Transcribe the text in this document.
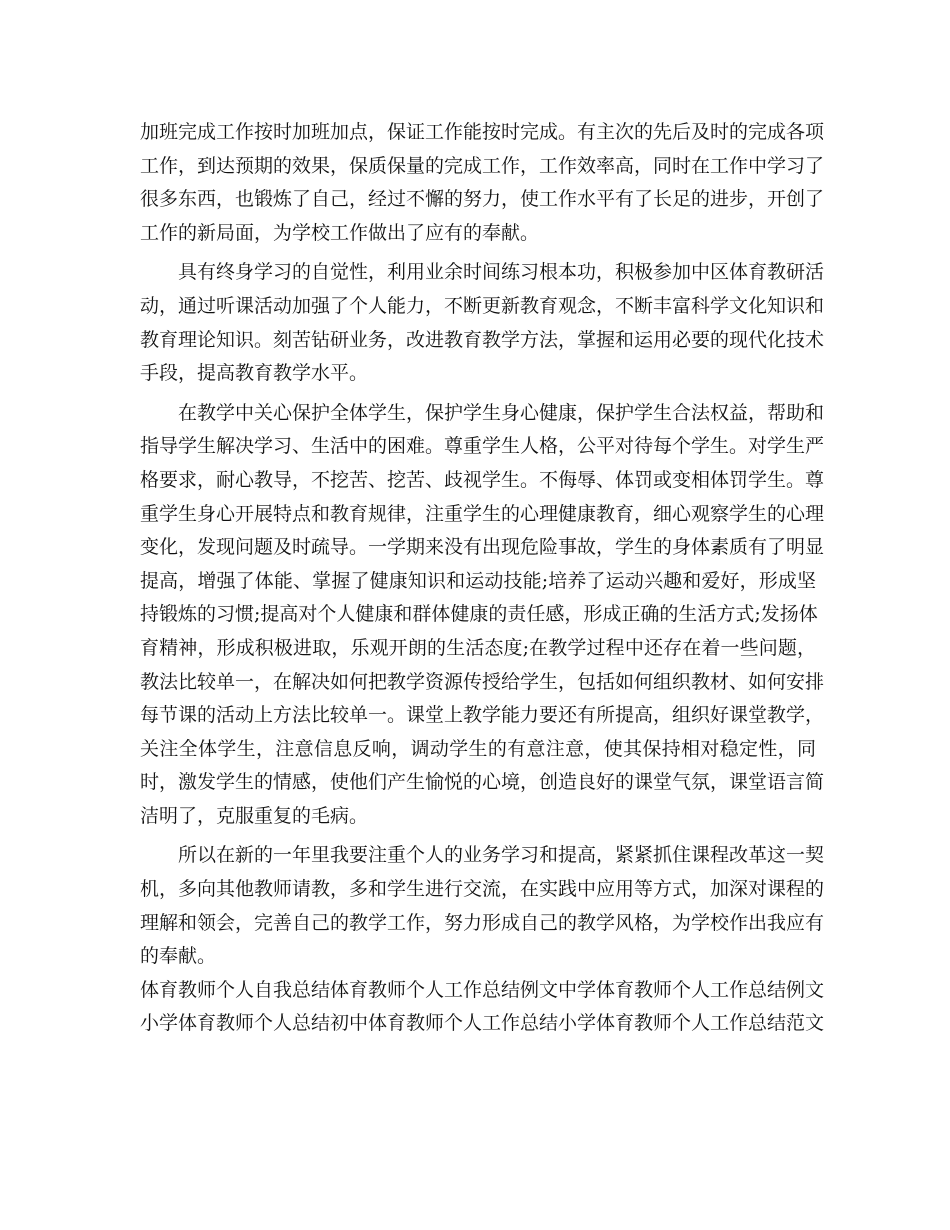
加班完成工作按时加班加点，保证工作能按时完成。有主次的先后及时的完成各项
工作，到达预期的效果，保质保量的完成工作，工作效率高，同时在工作中学习了
很多东西，也锻炼了自己，经过不懈的努力，使工作水平有了长足的进步，开创了
工作的新局面，为学校工作做出了应有的奉献。
具有终身学习的自觉性，利用业余时间练习根本功，积极参加中区体育教研活
动，通过听课活动加强了个人能力，不断更新教育观念，不断丰富科学文化知识和
教育理论知识。刻苦钻研业务，改进教育教学方法，掌握和运用必要的现代化技术
手段，提高教育教学水平。
在教学中关心保护全体学生，保护学生身心健康，保护学生合法权益，帮助和
指导学生解决学习、生活中的困难。尊重学生人格，公平对待每个学生。对学生严
格要求，耐心教导，不挖苦、挖苦、歧视学生。不侮辱、体罚或变相体罚学生。尊
重学生身心开展特点和教育规律，注重学生的心理健康教育，细心观察学生的心理
变化，发现问题及时疏导。一学期来没有出现危险事故，学生的身体素质有了明显
提高，增强了体能、掌握了健康知识和运动技能;培养了运动兴趣和爱好，形成坚
持锻炼的习惯;提高对个人健康和群体健康的责任感，形成正确的生活方式;发扬体
育精神，形成积极进取，乐观开朗的生活态度;在教学过程中还存在着一些问题，
教法比较单一，在解决如何把教学资源传授给学生，包括如何组织教材、如何安排
每节课的活动上方法比较单一。课堂上教学能力要还有所提高，组织好课堂教学，
关注全体学生，注意信息反响，调动学生的有意注意，使其保持相对稳定性，同
时，激发学生的情感，使他们产生愉悦的心境，创造良好的课堂气氛，课堂语言简
洁明了，克服重复的毛病。
所以在新的一年里我要注重个人的业务学习和提高，紧紧抓住课程改革这一契
机，多向其他教师请教，多和学生进行交流，在实践中应用等方式，加深对课程的
理解和领会，完善自己的教学工作，努力形成自己的教学风格，为学校作出我应有
的奉献。
体育教师个人自我总结体育教师个人工作总结例文中学体育教师个人工作总结例文
小学体育教师个人总结初中体育教师个人工作总结小学体育教师个人工作总结范文
